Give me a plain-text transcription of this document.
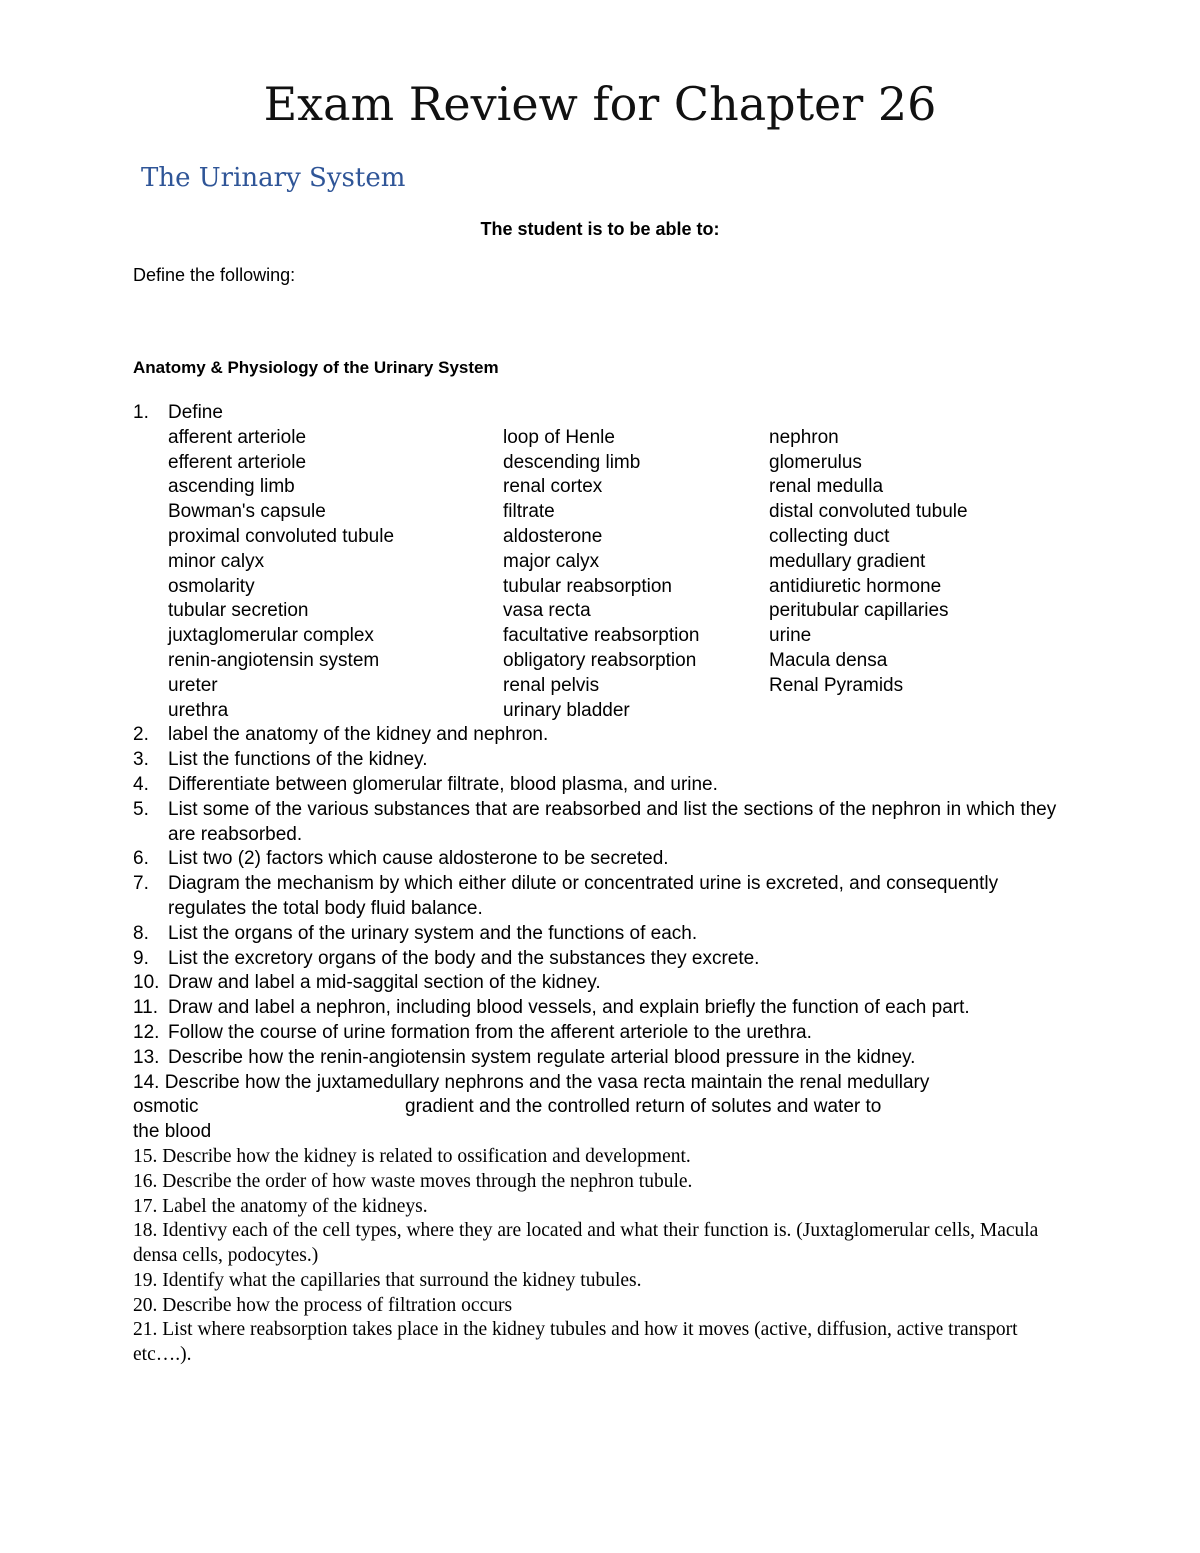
Exam Review for Chapter 26
The Urinary System
The student is to be able to:
Define the following:
Anatomy & Physiology of the Urinary System
1. Define
afferent arteriole	loop of Henle	nephron
efferent arteriole	descending limb	glomerulus
ascending limb	renal cortex	renal medulla
Bowman's capsule	filtrate	distal convoluted tubule
proximal convoluted tubule	aldosterone	collecting duct
minor calyx	major calyx	medullary gradient
osmolarity	tubular reabsorption	antidiuretic hormone
tubular secretion	vasa recta	peritubular capillaries
juxtaglomerular complex	facultative reabsorption	urine
renin-angiotensin system	obligatory reabsorption	Macula densa
ureter	renal pelvis	Renal Pyramids
urethra	urinary bladder
2. label the anatomy of the kidney and nephron.
3. List the functions of the kidney.
4. Differentiate between glomerular filtrate, blood plasma, and urine.
5. List some of the various substances that are reabsorbed and list the sections of the nephron in which they are reabsorbed.
6. List two (2) factors which cause aldosterone to be secreted.
7. Diagram the mechanism by which either dilute or concentrated urine is excreted, and consequently regulates the total body fluid balance.
8. List the organs of the urinary system and the functions of each.
9. List the excretory organs of the body and the substances they excrete.
10. Draw and label a mid-saggital section of the kidney.
11. Draw and label a nephron, including blood vessels, and explain briefly the function of each part.
12. Follow the course of urine formation from the afferent arteriole to the urethra.
13. Describe how the renin-angiotensin system regulate arterial blood pressure in the kidney.
14. Describe how the juxtamedullary nephrons and the vasa recta maintain the renal medullary
osmotic	gradient and the controlled return of solutes and water to
the blood
15. Describe how the kidney is related to ossification and development.
16. Describe the order of how waste moves through the nephron tubule.
17. Label the anatomy of the kidneys.
18. Identivy each of the cell types, where they are located and what their function is. (Juxtaglomerular cells, Macula densa cells, podocytes.)
19. Identify what the capillaries that surround the kidney tubules.
20. Describe how the process of filtration occurs
21. List where reabsorption takes place in the kidney tubules and how it moves (active, diffusion, active transport etc….).
